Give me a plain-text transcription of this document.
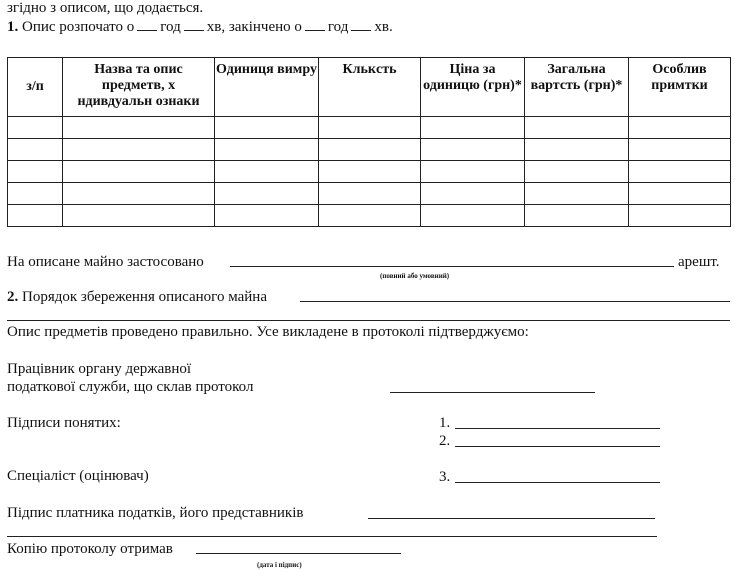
згідно з описом, що додається.
1. Опис розпочато о год хв, закінчено о год хв.
з/п	Назва та опис предметв, х ндивдуальн ознаки	Одиниця вимру	Клькcть	Ціна за одиницю (грн)*	Загальна вартсть (грн)*	Особлив примтки

На описане майно застосовано	арешт.
(повний або умовний)
2. Порядок збереження описаного майна
Опис предметів проведено правильно. Усе викладене в протоколі підтверджуємо:
Працівник органу державної
податкової служби, що склав протокол
Підписи понятих:	1.
2.
Спеціаліст (оцінювач)	3.
Підпис платника податків, його представників
Копію протоколу отримав
(дата і підпис)
